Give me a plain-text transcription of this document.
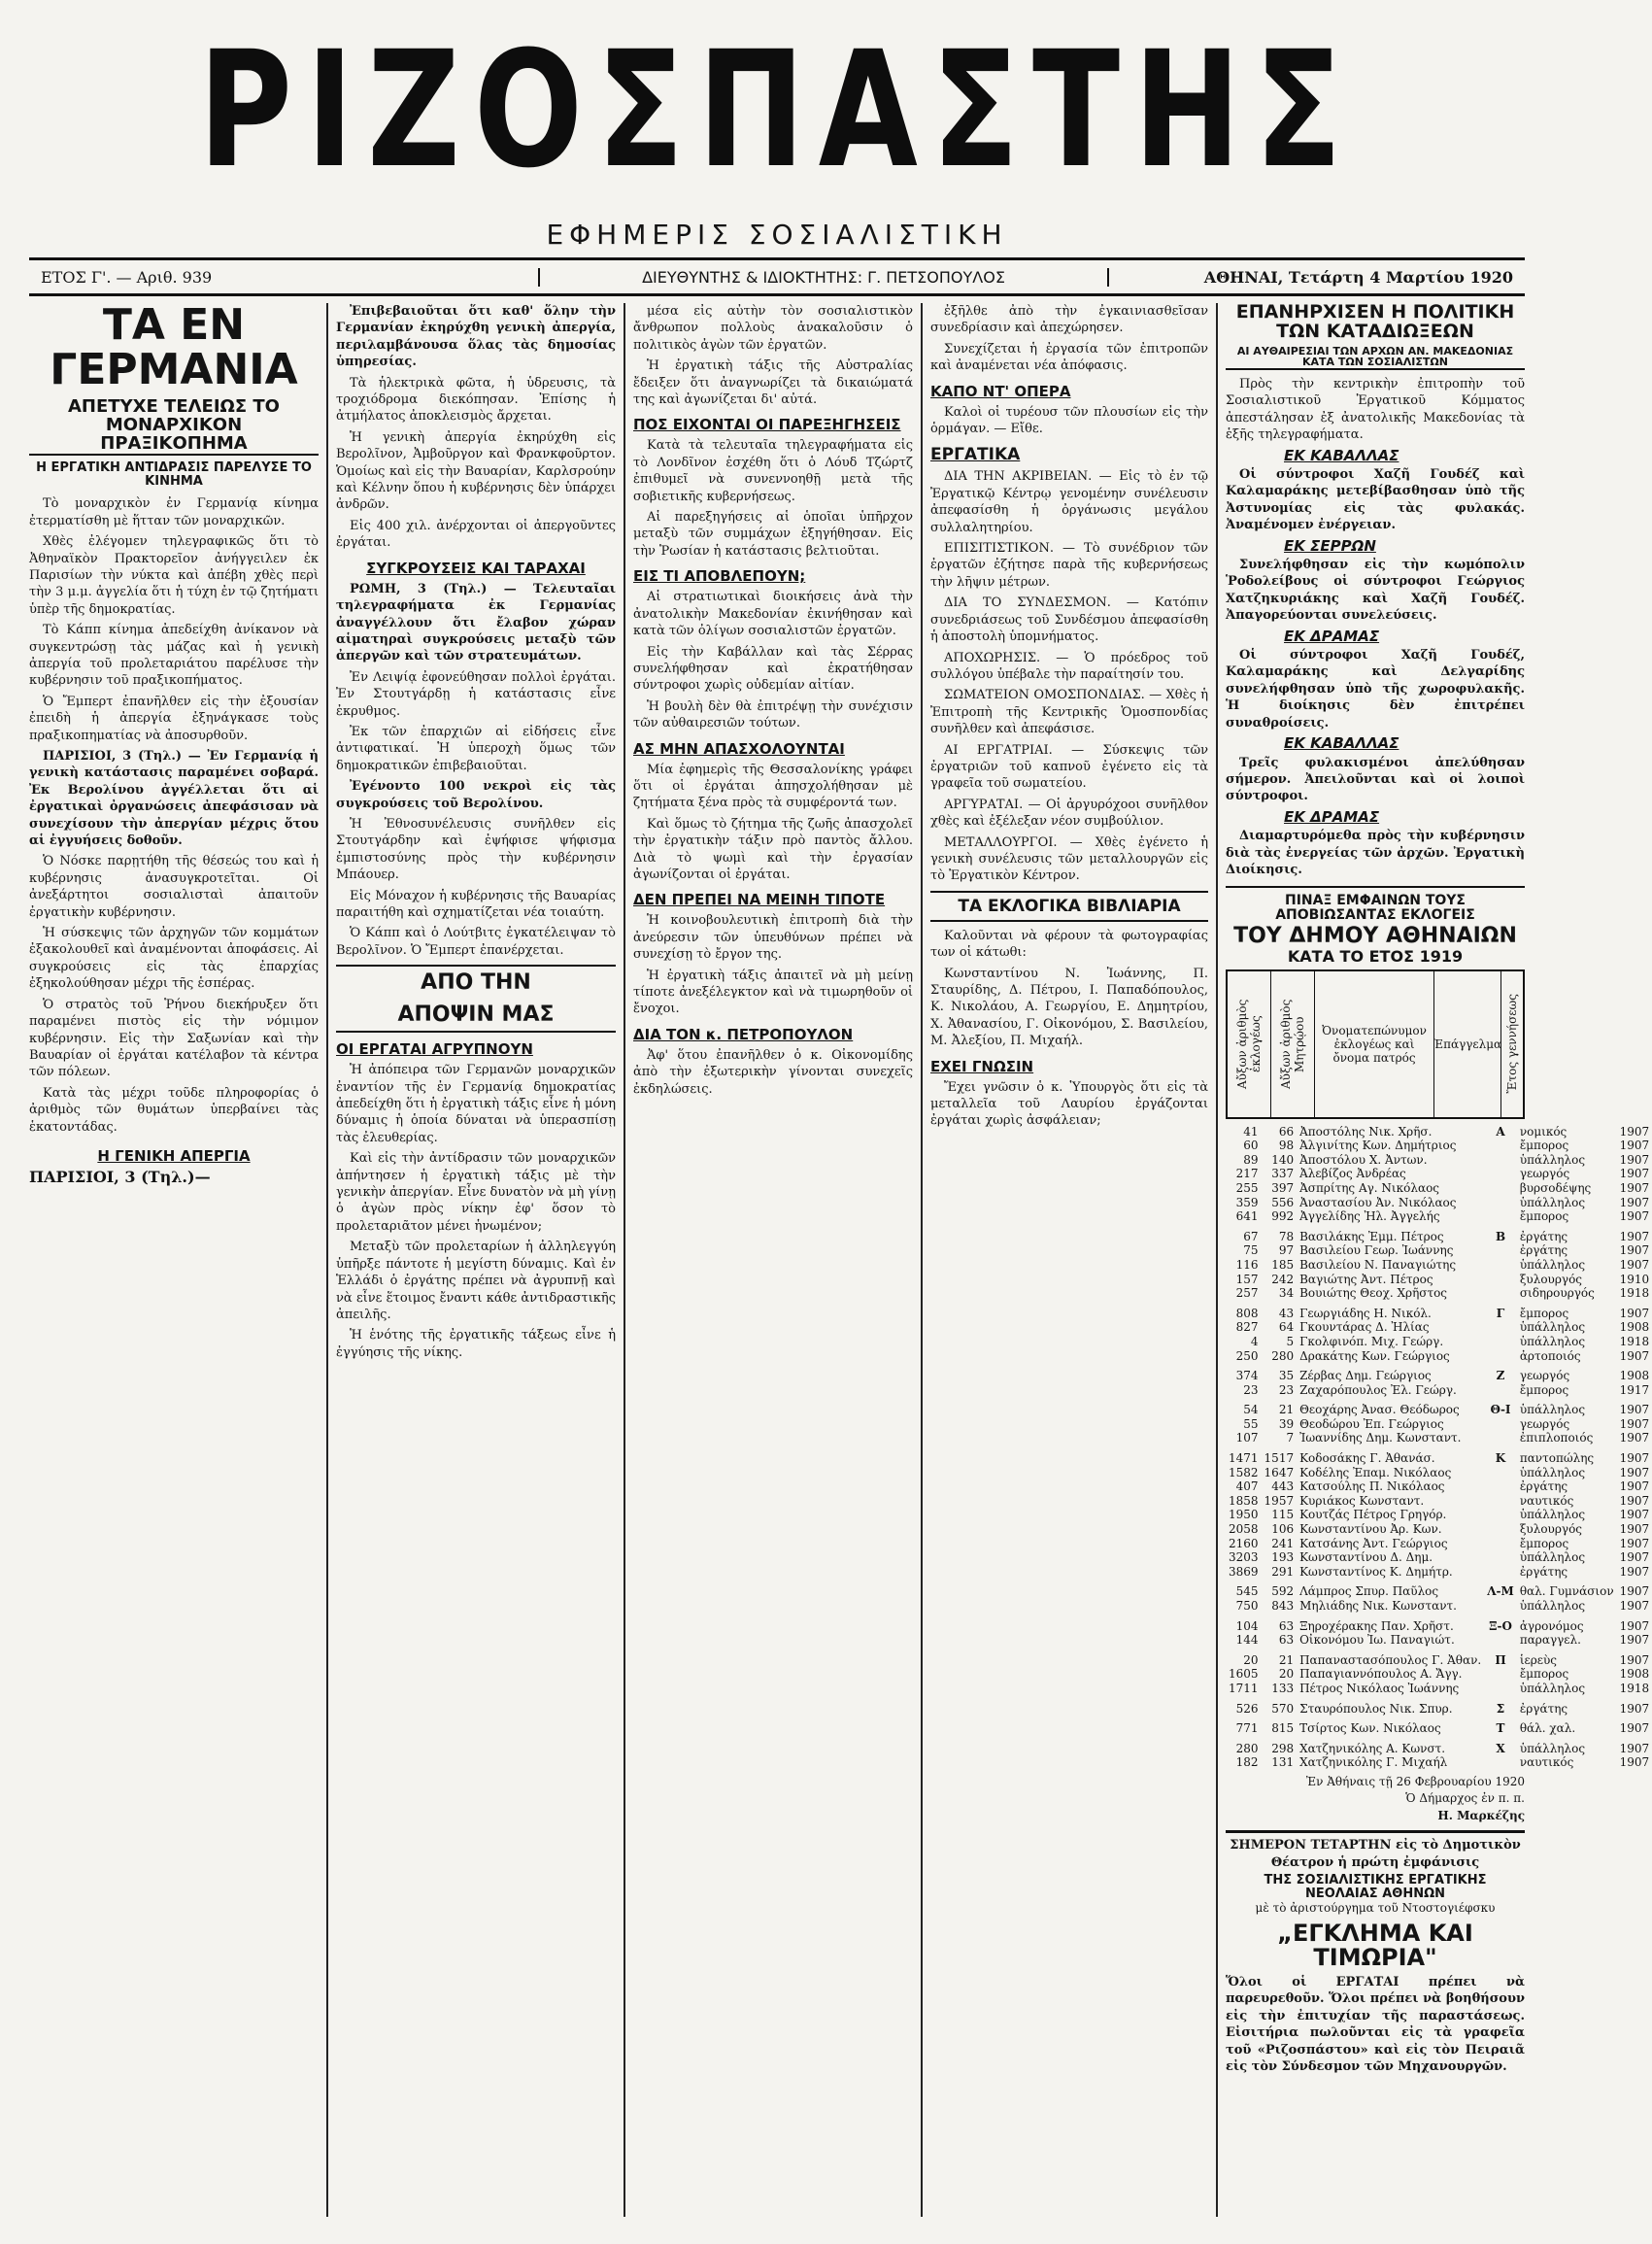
ΡΙΖΟΣΠΑΣΤΗΣ
ΕΦΗΜΕΡΙΣ ΣΟΣΙΑΛΙΣΤΙΚΗ
ΕΤΟΣ Γ'. — Αριθ. 939	ΔΙΕΥΘΥΝΤΗΣ & ΙΔΙΟΚΤΗΤΗΣ: Γ. ΠΕΤΣΟΠΟΥΛΟΣ	ΑΘΗΝΑΙ, Τετάρτη 4 Μαρτίου 1920
ΤΑ ΕΝ ΓΕΡΜΑΝΙΑ
ΑΠΕΤΥΧΕ ΤΕΛΕΙΩΣ ΤΟ ΜΟΝΑΡΧΙΚΟΝ ΠΡΑΞΙΚΟΠΗΜΑ
Η ΕΡΓΑΤΙΚΗ ΑΝΤΙΔΡΑΣΙΣ ΠΑΡΕΛΥΣΕ ΤΟ ΚΙΝΗΜΑ

Τὸ μοναρχικὸν ἐν Γερμανίᾳ κίνημα ἐτερματίσθη μὲ ἥτταν τῶν μοναρχικῶν.

Χθὲς ἐλέγομεν τηλεγραφικῶς ὅτι τὸ Ἀθηναϊκὸν Πρακτορεῖον ἀνήγγειλεν ἐκ Παρισίων τὴν νύκτα καὶ ἀπέβη χθὲς περὶ τὴν 3 μ.μ. ἀγγελία ὅτι ἡ τύχη ἐν τῷ ζητήματι ὑπὲρ τῆς δημοκρατίας.

Τὸ Κάππ κίνημα ἀπεδείχθη ἀνίκανον νὰ συγκεντρώσῃ τὰς μάζας καὶ ἡ γενικὴ ἀπεργία τοῦ προλεταριάτου παρέλυσε τὴν κυβέρνησιν τοῦ πραξικοπήματος.

Ὁ Ἔμπερτ ἐπανῆλθεν εἰς τὴν ἐξουσίαν ἐπειδὴ ἡ ἀπεργία ἐξηνάγκασε τοὺς πραξικοπηματίας νὰ ἀποσυρθοῦν.

ΠΑΡΙΣΙΟΙ, 3 (Τηλ.) — Ἐν Γερμανίᾳ ἡ γενικὴ κατάστασις παραμένει σοβαρά. Ἐκ Βερολίνου ἀγγέλλεται ὅτι αἱ ἐργατικαὶ ὀργανώσεις ἀπεφάσισαν νὰ συνεχίσουν τὴν ἀπεργίαν μέχρις ὅτου αἱ ἐγγυήσεις δοθοῦν.

Ὁ Νόσκε παρῃτήθη τῆς θέσεώς του καὶ ἡ κυβέρνησις ἀνασυγκροτεῖται. Οἱ ἀνεξάρτητοι σοσιαλισταὶ ἀπαιτοῦν ἐργατικὴν κυβέρνησιν.

Ἡ σύσκεψις τῶν ἀρχηγῶν τῶν κομμάτων ἐξακολουθεῖ καὶ ἀναμένονται ἀποφάσεις. Αἱ συγκρούσεις εἰς τὰς ἐπαρχίας ἐξηκολούθησαν μέχρι τῆς ἑσπέρας.

Ὁ στρατὸς τοῦ Ῥήνου διεκήρυξεν ὅτι παραμένει πιστὸς εἰς τὴν νόμιμον κυβέρνησιν. Εἰς τὴν Σαξωνίαν καὶ τὴν Βαυαρίαν οἱ ἐργάται κατέλαβον τὰ κέντρα τῶν πόλεων.

Κατὰ τὰς μέχρι τοῦδε πληροφορίας ὁ ἀριθμὸς τῶν θυμάτων ὑπερβαίνει τὰς ἑκατοντάδας.

Η ΓΕΝΙΚΗ ΑΠΕΡΓΙΑ
ΠΑΡΙΣΙΟΙ, 3 (Τηλ.)—

Ἐπιβεβαιοῦται ὅτι καθ' ὅλην τὴν Γερμανίαν ἐκηρύχθη γενικὴ ἀπεργία, περιλαμβάνουσα ὅλας τὰς δημοσίας ὑπηρεσίας.

Τὰ ἡλεκτρικὰ φῶτα, ἡ ὑδρευσις, τὰ τροχιόδρομα διεκόπησαν. Ἐπίσης ἡ ἀτμήλατος ἀποκλεισμὸς ἄρχεται.

Ἡ γενικὴ ἀπεργία ἐκηρύχθη εἰς Βερολῖνον, Ἀμβοῦργον καὶ Φρανκφοῦρτον. Ὁμοίως καὶ εἰς τὴν Βαυαρίαν, Καρλσρούην καὶ Κέλνην ὅπου ἡ κυβέρνησις δὲν ὑπάρχει ἀνδρῶν.

Εἰς 400 χιλ. ἀνέρχονται οἱ ἀπεργοῦντες ἐργάται.

ΣΥΓΚΡΟΥΣΕΙΣ ΚΑΙ ΤΑΡΑΧΑΙ

ΡΩΜΗ, 3 (Τηλ.) — Τελευταῖαι τηλεγραφήματα ἐκ Γερμανίας ἀναγγέλλουν ὅτι ἔλαβον χώραν αἱματηραὶ συγκρούσεις μεταξὺ τῶν ἀπεργῶν καὶ τῶν στρατευμάτων.

Ἐν Λειψίᾳ ἐφονεύθησαν πολλοὶ ἐργάται. Ἐν Στουτγάρδῃ ἡ κατάστασις εἶνε ἐκρυθμος.

Ἐκ τῶν ἐπαρχιῶν αἱ εἰδήσεις εἶνε ἀντιφατικαί. Ἡ ὑπεροχὴ ὅμως τῶν δημοκρατικῶν ἐπιβεβαιοῦται.

Ἐγένοντο 100 νεκροὶ εἰς τὰς συγκρούσεις τοῦ Βερολίνου.

Ἡ Ἐθνοσυνέλευσις συνῆλθεν εἰς Στουτγάρδην καὶ ἐψήφισε ψήφισμα ἐμπιστοσύνης πρὸς τὴν κυβέρνησιν Μπάουερ.

Εἰς Μόναχον ἡ κυβέρνησις τῆς Βαυαρίας παραιτήθη καὶ σχηματίζεται νέα τοιαύτη.

Ὁ Κάππ καὶ ὁ Λούτβιτς ἐγκατέλειψαν τὸ Βερολῖνον. Ὁ Ἔμπερτ ἐπανέρχεται.

ΑΠΟ ΤΗΝ
ΑΠΟΨΙΝ ΜΑΣ
ΟΙ ΕΡΓΑΤΑΙ ΑΓΡΥΠΝΟΥΝ

Ἡ ἀπόπειρα τῶν Γερμανῶν μοναρχικῶν ἐναντίον τῆς ἐν Γερμανίᾳ δημοκρατίας ἀπεδείχθη ὅτι ἡ ἐργατικὴ τάξις εἶνε ἡ μόνη δύναμις ἡ ὁποία δύναται νὰ ὑπερασπίσῃ τὰς ἐλευθερίας.

Καὶ εἰς τὴν ἀντίδρασιν τῶν μοναρχικῶν ἀπήντησεν ἡ ἐργατικὴ τάξις μὲ τὴν γενικὴν ἀπεργίαν. Εἶνε δυνατὸν νὰ μὴ γίνῃ ὁ ἀγὼν πρὸς νίκην ἐφ' ὅσον τὸ προλεταριᾶτον μένει ἡνωμένον;

Μεταξὺ τῶν προλεταρίων ἡ ἀλληλεγγύη ὑπῆρξε πάντοτε ἡ μεγίστη δύναμις. Καὶ ἐν Ἑλλάδι ὁ ἐργάτης πρέπει νὰ ἀγρυπνῇ καὶ νὰ εἶνε ἕτοιμος ἔναντι κάθε ἀντιδραστικῆς ἀπειλῆς.

Ἡ ἑνότης τῆς ἐργατικῆς τάξεως εἶνε ἡ ἐγγύησις τῆς νίκης.

μέσα εἰς αὐτὴν τὸν σοσιαλιστικὸν ἄνθρωπον πολλοὺς ἀνακαλοῦσιν ὁ πολιτικὸς ἀγὼν τῶν ἐργατῶν.

Ἡ ἐργατικὴ τάξις τῆς Αὐστραλίας ἔδειξεν ὅτι ἀναγνωρίζει τὰ δικαιώματά της καὶ ἀγωνίζεται δι' αὐτά.

ΠΟΣ ΕΙΧΟΝΤΑΙ ΟΙ ΠΑΡΕΞΗΓΗΣΕΙΣ

Κατὰ τὰ τελευταῖα τηλεγραφήματα εἰς τὸ Λονδῖνον ἐσχέθη ὅτι ὁ Λόυδ Τζώρτζ ἐπιθυμεῖ νὰ συνεννοηθῇ μετὰ τῆς σοβιετικῆς κυβερνήσεως.

Αἱ παρεξηγήσεις αἱ ὁποῖαι ὑπῆρχον μεταξὺ τῶν συμμάχων ἐξηγήθησαν. Εἰς τὴν Ῥωσίαν ἡ κατάστασις βελτιοῦται.

ΕΙΣ ΤΙ ΑΠΟΒΛΕΠΟΥΝ;

Αἱ στρατιωτικαὶ διοικήσεις ἀνὰ τὴν ἀνατολικὴν Μακεδονίαν ἐκινήθησαν καὶ κατὰ τῶν ὀλίγων σοσιαλιστῶν ἐργατῶν.

Εἰς τὴν Καβάλλαν καὶ τὰς Σέρρας συνελήφθησαν καὶ ἐκρατήθησαν σύντροφοι χωρὶς οὐδεμίαν αἰτίαν.

Ἡ βουλὴ δὲν θὰ ἐπιτρέψῃ τὴν συνέχισιν τῶν αὐθαιρεσιῶν τούτων.

ΑΣ ΜΗΝ ΑΠΑΣΧΟΛΟΥΝΤΑΙ

Μία ἐφημερὶς τῆς Θεσσαλονίκης γράφει ὅτι οἱ ἐργάται ἀπησχολήθησαν μὲ ζητήματα ξένα πρὸς τὰ συμφέροντά των.

Καὶ ὅμως τὸ ζήτημα τῆς ζωῆς ἀπασχολεῖ τὴν ἐργατικὴν τάξιν πρὸ παντὸς ἄλλου. Διὰ τὸ ψωμὶ καὶ τὴν ἐργασίαν ἀγωνίζονται οἱ ἐργάται.

ΔΕΝ ΠΡΕΠΕΙ ΝΑ ΜΕΙΝΗ ΤΙΠΟΤΕ

Ἡ κοινοβουλευτικὴ ἐπιτροπὴ διὰ τὴν ἀνεύρεσιν τῶν ὑπευθύνων πρέπει νὰ συνεχίσῃ τὸ ἔργον της.

Ἡ ἐργατικὴ τάξις ἀπαιτεῖ νὰ μὴ μείνῃ τίποτε ἀνεξέλεγκτον καὶ νὰ τιμωρηθοῦν οἱ ἔνοχοι.

ΔΙΑ ΤΟΝ κ. ΠΕΤΡΟΠΟΥΛΟΝ

Ἀφ' ὅτου ἐπανῆλθεν ὁ κ. Οἰκονομίδης ἀπὸ τὴν ἐξωτερικὴν γίνονται συνεχεῖς ἐκδηλώσεις.

ἐξῆλθε ἀπὸ τὴν ἐγκαινιασθεῖσαν συνεδρίασιν καὶ ἀπεχώρησεν.

Συνεχίζεται ἡ ἐργασία τῶν ἐπιτροπῶν καὶ ἀναμένεται νέα ἀπόφασις.

ΚΑΠΟ ΝΤ' ΟΠΕΡΑ

Καλοὶ οἱ τυρέουσ τῶν πλουσίων εἰς τὴν ὁρμάγαν. — Εἴθε.

ΕΡΓΑΤΙΚΑ

ΔΙΑ ΤΗΝ ΑΚΡΙΒΕΙΑΝ. — Εἰς τὸ ἐν τῷ Ἐργατικῷ Κέντρῳ γενομένην συνέλευσιν ἀπεφασίσθη ἡ ὀργάνωσις μεγάλου συλλαλητηρίου.

ΕΠΙΣΙΤΙΣΤΙΚΟΝ. — Τὸ συνέδριον τῶν ἐργατῶν ἐζήτησε παρὰ τῆς κυβερνήσεως τὴν λῆψιν μέτρων.

ΔΙΑ ΤΟ ΣΥΝΔΕΣΜΟΝ. — Κατόπιν συνεδριάσεως τοῦ Συνδέσμου ἀπεφασίσθη ἡ ἀποστολὴ ὑπομνήματος.

ΑΠΟΧΩΡΗΣΙΣ. — Ὁ πρόεδρος τοῦ συλλόγου ὑπέβαλε τὴν παραίτησίν του.

ΣΩΜΑΤΕΙΟΝ ΟΜΟΣΠΟΝΔΙΑΣ. — Χθὲς ἡ Ἐπιτροπὴ τῆς Κεντρικῆς Ὁμοσπονδίας συνῆλθεν καὶ ἀπεφάσισε.

ΑΙ ΕΡΓΑΤΡΙΑΙ. — Σύσκεψις τῶν ἐργατριῶν τοῦ καπνοῦ ἐγένετο εἰς τὰ γραφεῖα τοῦ σωματείου.

ΑΡΓΥΡΑΤΑΙ. — Οἱ ἀργυρόχοοι συνῆλθον χθὲς καὶ ἐξέλεξαν νέον συμβούλιον.

ΜΕΤΑΛΛΟΥΡΓΟΙ. — Χθὲς ἐγένετο ἡ γενικὴ συνέλευσις τῶν μεταλλουργῶν εἰς τὸ Ἐργατικὸν Κέντρον.

ΤΑ ΕΚΛΟΓΙΚΑ ΒΙΒΛΙΑΡΙΑ

Καλοῦνται νὰ φέρουν τὰ φωτογραφίας των οἱ κάτωθι:

Κωνσταντίνου Ν. Ἰωάννης, Π. Σταυρίδης, Δ. Πέτρου, Ι. Παπαδόπουλος, Κ. Νικολάου, Α. Γεωργίου, Ε. Δημητρίου, Χ. Ἀθανασίου, Γ. Οἰκονόμου, Σ. Βασιλείου, Μ. Ἀλεξίου, Π. Μιχαήλ.

ΕΧΕΙ ΓΝΩΣΙΝ

Ἔχει γνῶσιν ὁ κ. Ὑπουργὸς ὅτι εἰς τὰ μεταλλεῖα τοῦ Λαυρίου ἐργάζονται ἐργάται χωρὶς ἀσφάλειαν;

ΕΠΑΝΗΡΧΙΣΕΝ Η ΠΟΛΙΤΙΚΗ ΤΩΝ ΚΑΤΑΔΙΩΞΕΩΝ
ΑΙ ΑΥΘΑΙΡΕΣΙΑΙ ΤΩΝ ΑΡΧΩΝ ΑΝ. ΜΑΚΕΔΟΝΙΑΣ ΚΑΤΑ ΤΩΝ ΣΟΣΙΑΛΙΣΤΩΝ

Πρὸς τὴν κεντρικὴν ἐπιτροπὴν τοῦ Σοσιαλιστικοῦ Ἐργατικοῦ Κόμματος ἀπεστάλησαν ἐξ ἀνατολικῆς Μακεδονίας τὰ ἑξῆς τηλεγραφήματα.

ΕΚ ΚΑΒΑΛΛΑΣ

Οἱ σύντροφοι Χαζῆ Γουδέζ καὶ Καλαμαράκης μετεβίβασθησαν ὑπὸ τῆς Ἀστυνομίας εἰς τὰς φυλακάς. Ἀναμένομεν ἐνέργειαν.

ΕΚ ΣΕΡΡΩΝ

Συνελήφθησαν εἰς τὴν κωμόπολιν Ῥοδολείβους οἱ σύντροφοι Γεώργιος Χατζηκυριάκης καὶ Χαζῆ Γουδέζ. Ἀπαγορεύονται συνελεύσεις.

ΕΚ ΔΡΑΜΑΣ

Οἱ σύντροφοι Χαζῆ Γουδέζ, Καλαμαράκης καὶ Δελγαρίδης συνελήφθησαν ὑπὸ τῆς χωροφυλακῆς. Ἡ διοίκησις δὲν ἐπιτρέπει συναθροίσεις.

ΕΚ ΚΑΒΑΛΛΑΣ

Τρεῖς φυλακισμένοι ἀπελύθησαν σήμερον. Ἀπειλοῦνται καὶ οἱ λοιποὶ σύντροφοι.

ΕΚ ΔΡΑΜΑΣ

Διαμαρτυρόμεθα πρὸς τὴν κυβέρνησιν διὰ τὰς ἐνεργείας τῶν ἀρχῶν. Ἐργατικὴ Διοίκησις.

ΠΙΝΑΞ ΕΜΦΑΙΝΩΝ ΤΟΥΣ ΑΠΟΒΙΩΣΑΝΤΑΣ ΕΚΛΟΓΕΙΣ
ΤΟΥ ΔΗΜΟΥ ΑΘΗΝΑΙΩΝ
ΚΑΤΑ ΤΟ ΕΤΟΣ 1919
Αὔξων ἀριθμὸς ἐκλογέως Αὔξων ἀριθμὸς Μητρῴου	Ὀνοματεπώνυμον ἐκλογέως καὶ ὄνομα πατρός
Ἐπάγγελμα Ἔτος γεννήσεως
41	66	Ἀποστόλης Νικ. Χρῆσ.	Α	νομικός	1907
60	98	Ἀλγινίτης Κων. Δημήτριος		ἔμπορος	1907
89	140	Ἀποστόλου Χ. Ἀντων.		ὑπάλληλος	1907
217	337	Ἀλεβίζος Ἀνδρέας		γεωργός	1907
255	397	Ἀσπρίτης Αγ. Νικόλαος		βυρσοδέψης	1907
359	556	Ἀναστασίου Ἀν. Νικόλαος		ὑπάλληλος	1907
641	992	Ἀγγελίδης Ἠλ. Ἀγγελής		ἔμπορος	1907
67	78	Βασιλάκης Ἐμμ. Πέτρος	Β	ἐργάτης	1907
75	97	Βασιλείου Γεωρ. Ἰωάννης		ἐργάτης	1907
116	185	Βασιλείου Ν. Παναγιώτης		ὑπάλληλος	1907
157	242	Βαγιώτης Ἀντ. Πέτρος		ξυλουργός	1910
257	34	Βουιώτης Θεοχ. Χρῆστος		σιδηρουργός	1918
808	43	Γεωργιάδης Η. Νικόλ.	Γ	ἔμπορος	1907
827	64	Γκουντάρας Δ. Ἠλίας		ὑπάλληλος	1908
4	5	Γκολφινόπ. Μιχ. Γεώργ.		ὑπάλληλος	1918
250	280	Δρακάτης Κων. Γεώργιος		ἀρτοποιός	1907
374	35	Ζέρβας Δημ. Γεώργιος	Ζ	γεωργός	1908
23	23	Ζαχαρόπουλος Ἐλ. Γεώργ.		ἔμπορος	1917
54	21	Θεοχάρης Ἀνασ. Θεόδωρος	Θ-Ι	ὑπάλληλος	1907
55	39	Θεοδώρου Ἐπ. Γεώργιος		γεωργός	1907
107	7	Ἰωαννίδης Δημ. Κωνσταντ.		ἐπιπλοποιός	1907
1471	1517	Κοδοσάκης Γ. Ἀθανάσ.	Κ	παντοπώλης	1907
1582	1647	Κοδέλης Ἐπαμ. Νικόλαος		ὑπάλληλος	1907
407	443	Κατσούλης Π. Νικόλαος		ἐργάτης	1907
1858	1957	Κυριάκος Κωνσταντ.		ναυτικός	1907
1950	115	Κουτζάς Πέτρος Γρηγόρ.		ὑπάλληλος	1907
2058	106	Κωνσταντίνου Ἀρ. Κων.		ξυλουργός	1907
2160	241	Κατσάνης Ἀντ. Γεώργιος		ἔμπορος	1907
3203	193	Κωνσταντίνου Δ. Δημ.		ὑπάλληλος	1907
3869	291	Κωνσταντίνος Κ. Δημήτρ.		ἐργάτης	1907
545	592	Λάμπρος Σπυρ. Παῦλος	Λ-Μ	θαλ. Γυμνάσιον	1907
750	843	Μηλιάδης Νικ. Κωνσταντ.		ὑπάλληλος	1907
104	63	Ξηροχέρακης Παν. Χρῆστ.	Ξ-Ο	ἀγρονόμος	1907
144	63	Οἰκονόμου Ἰω. Παναγιώτ.		παραγγελ.	1907
20	21	Παπαναστασόπουλος Γ. Ἀθαν.	Π	ἱερεὺς	1907
1605	20	Παπαγιαννόπουλος Α. Ἄγγ.		ἔμπορος	1908
1711	133	Πέτρος Νικόλαος Ἰωάννης		ὑπάλληλος	1918
526	570	Σταυρόπουλος Νικ. Σπυρ.	Σ	ἐργάτης	1907
771	815	Τσίρτος Κων. Νικόλαος	Τ	θάλ. χαλ.	1907
280	298	Χατζηνικόλης Α. Κωνστ.	Χ	ὑπάλληλος	1907
182	131	Χατζηνικόλης Γ. Μιχαήλ		ναυτικός	1907
Ἐν Ἀθήναις τῇ 26 Φεβρουαρίου 1920
Ὁ Δήμαρχος ἐν π. π.
Η. Μαρκέζης
ΣΗΜΕΡΟΝ ΤΕΤΑΡΤΗΝ εἰς τὸ Δημοτικὸν Θέατρον ἡ πρώτη ἐμφάνισις
ΤΗΣ ΣΟΣΙΑΛΙΣΤΙΚΗΣ ΕΡΓΑΤΙΚΗΣ ΝΕΟΛΑΙΑΣ ΑΘΗΝΩΝ
μὲ τὸ ἀριστούργημα τοῦ Ντοστογιέφσκυ
„ΕΓΚΛΗΜΑ ΚΑΙ ΤΙΜΩΡΙΑ"
Ὅλοι οἱ ΕΡΓΑΤΑΙ πρέπει νὰ παρευρεθοῦν. Ὅλοι πρέπει νὰ βοηθήσουν εἰς τὴν ἐπιτυχίαν τῆς παραστάσεως. Εἰσιτήρια πωλοῦνται εἰς τὰ γραφεῖα τοῦ «Ριζοσπάστου» καὶ εἰς τὸν Πειραιᾶ εἰς τὸν Σύνδεσμον τῶν Μηχανουργῶν.
